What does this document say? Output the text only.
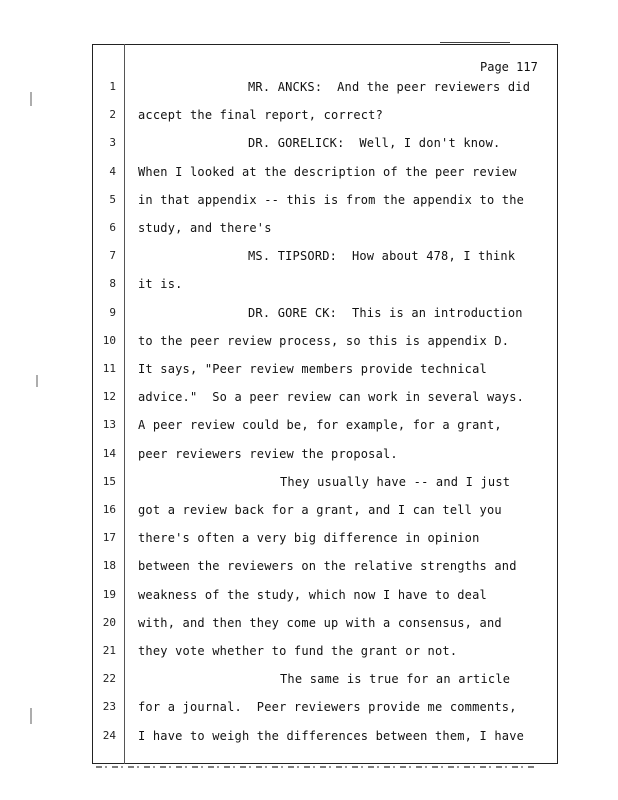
Page 117
1	MR. ANCKS:  And the peer reviewers did
2 accept the final report, correct?
3	DR. GORELICK:  Well, I don't know.
4 When I looked at the description of the peer review
5 in that appendix -- this is from the appendix to the
6 study, and there's
7	MS. TIPSORD:  How about 478, I think
8 it is.
9	DR. GORE CK:  This is an introduction
10 to the peer review process, so this is appendix D.
11 It says, "Peer review members provide technical
12 advice."  So a peer review can work in several ways.
13 A peer review could be, for example, for a grant,
14 peer reviewers review the proposal.
15	They usually have -- and I just
16 got a review back for a grant, and I can tell you
17 there's often a very big difference in opinion
18 between the reviewers on the relative strengths and
19 weakness of the study, which now I have to deal
20 with, and then they come up with a consensus, and
21 they vote whether to fund the grant or not.
22	The same is true for an article
23 for a journal.  Peer reviewers provide me comments,
24 I have to weigh the differences between them, I have
